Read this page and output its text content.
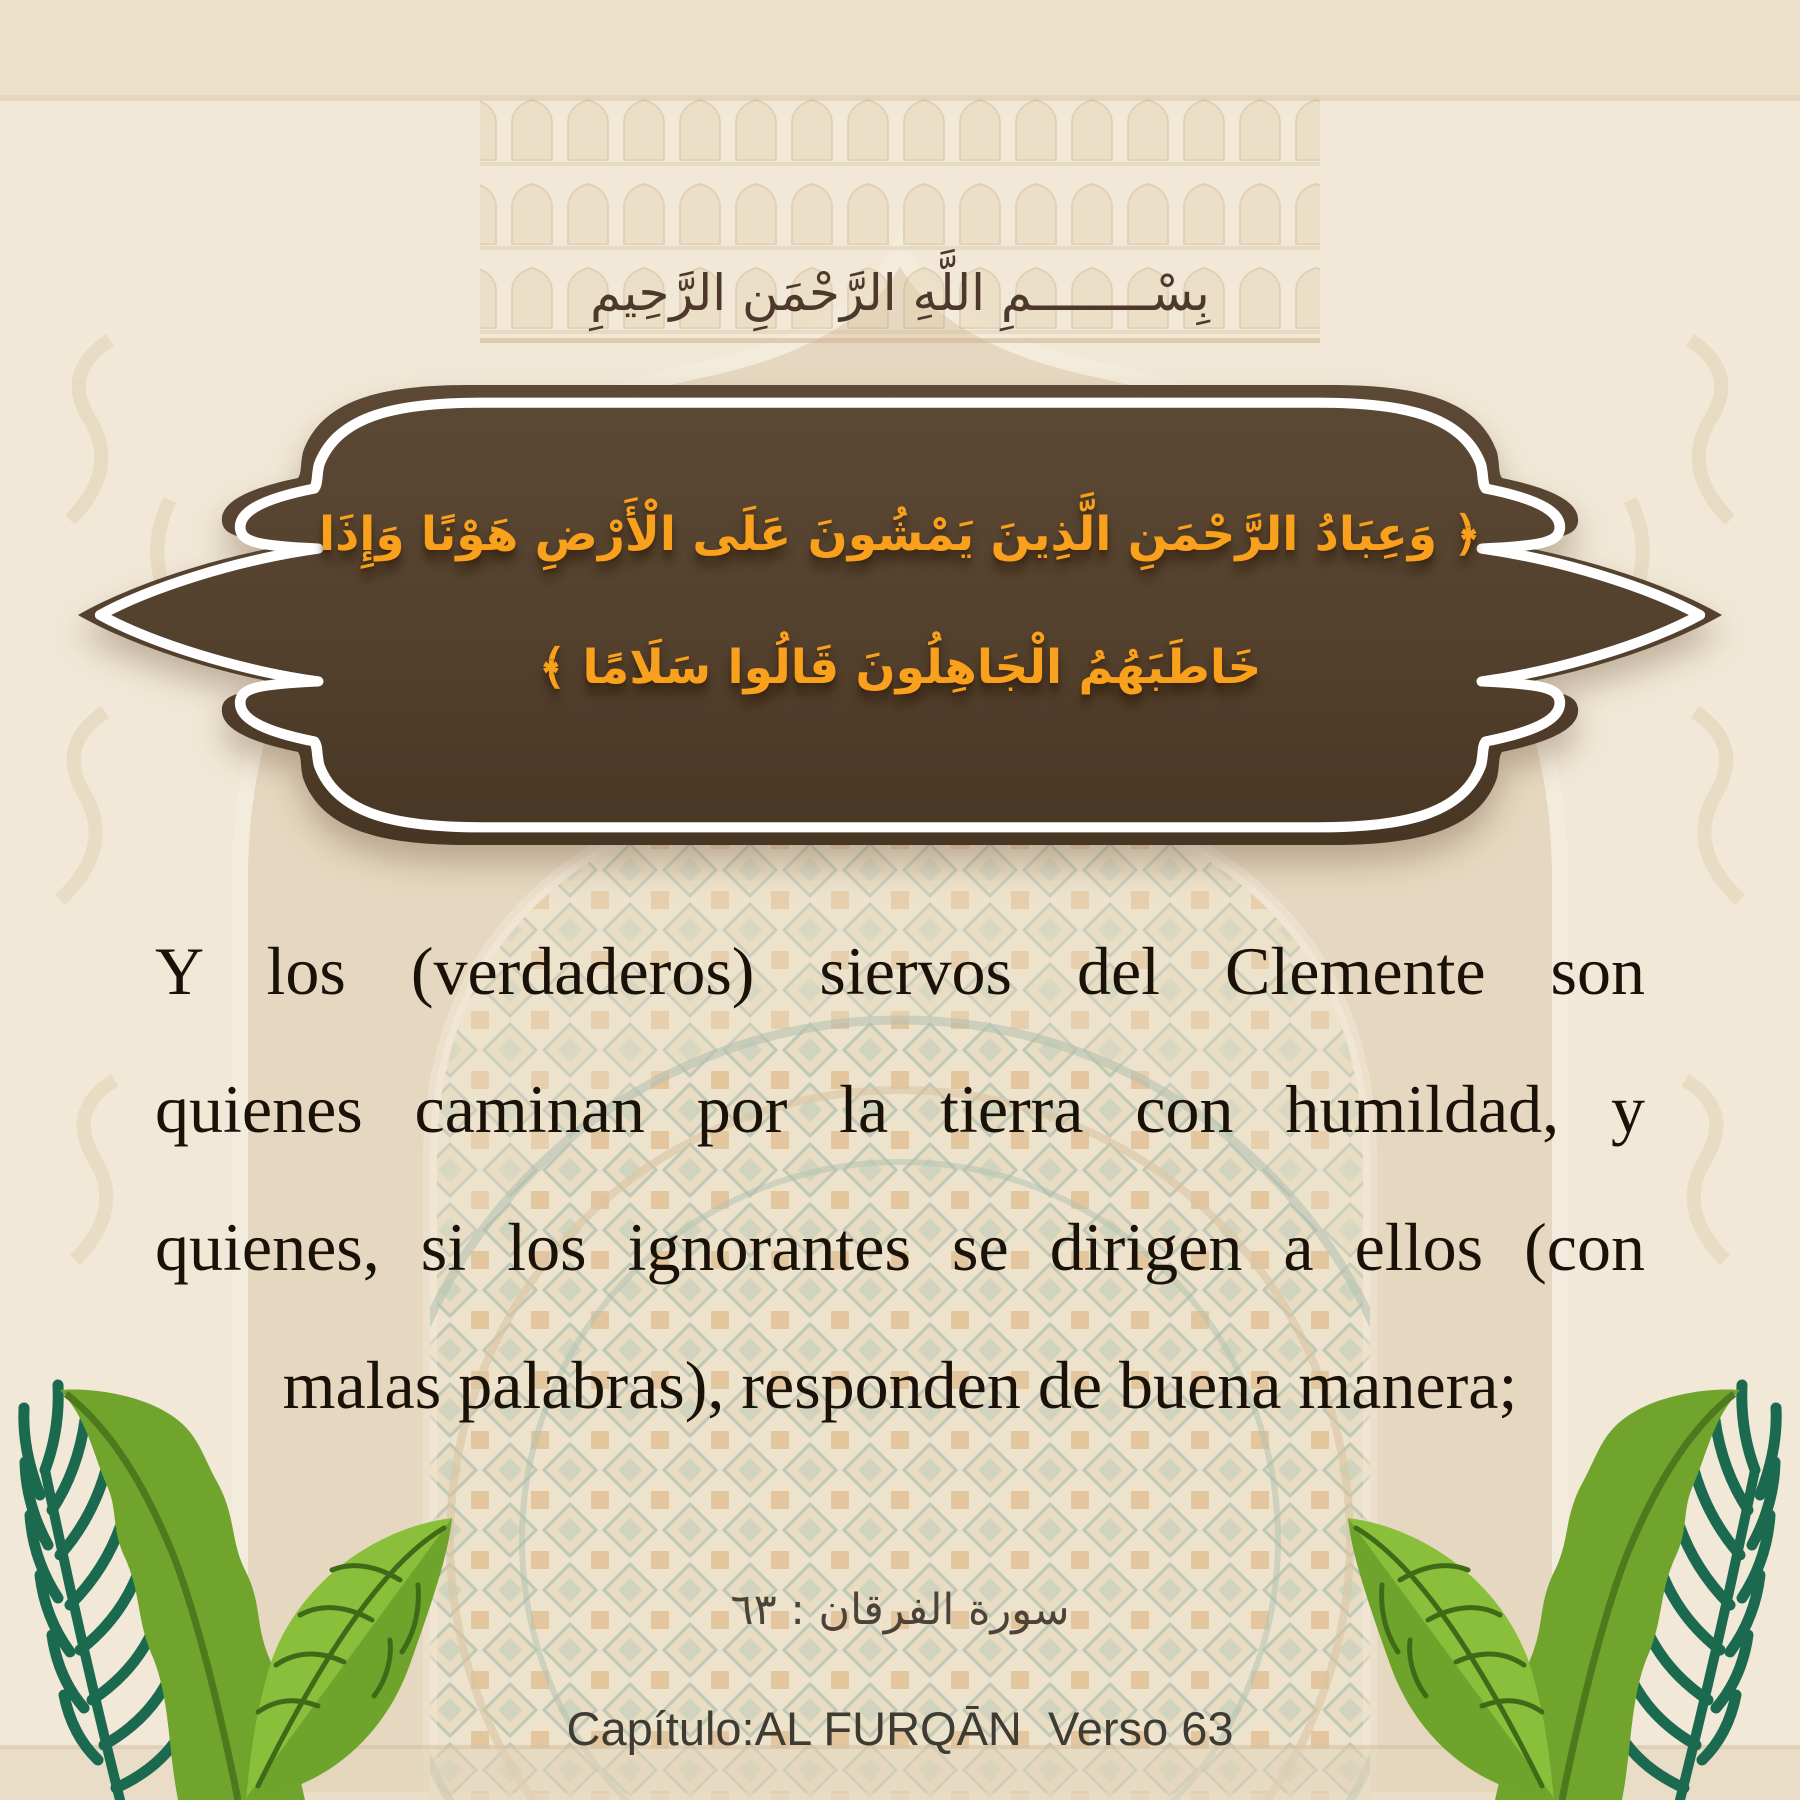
بِسْــــــــمِ اللَّهِ الرَّحْمَنِ الرَّحِيمِ
﴿ وَعِبَادُ الرَّحْمَنِ الَّذِينَ يَمْشُونَ عَلَى الْأَرْضِ هَوْنًا وَإِذَا
خَاطَبَهُمُ الْجَاهِلُونَ قَالُوا سَلَامًا ﴾
Y los (verdaderos) siervos del Clemente son
quienes caminan por la tierra con humildad, y
quienes, si los ignorantes se dirigen a ellos (con
malas palabras), responden de buena manera;
سورة الفرقان : ٦٣
Capítulo:AL FURQĀN  Verso 63
